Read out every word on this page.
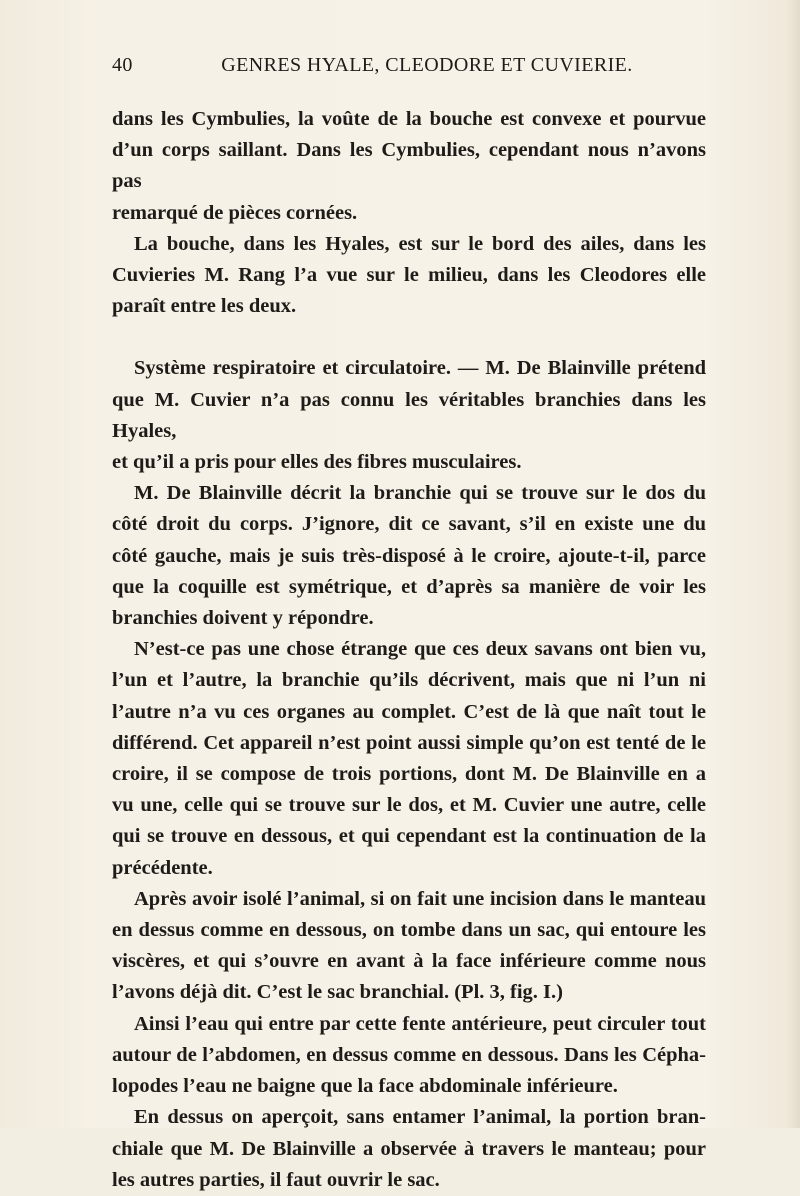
40	GENRES HYALE, CLEODORE ET CUVIERIE.

dans les Cymbulies, la voûte de la bouche est convexe et pourvue

d’un corps saillant. Dans les Cymbulies, cependant nous n’avons pas

remarqué de pièces cornées.

La bouche, dans les Hyales, est sur le bord des ailes, dans les

Cuvieries M. Rang l’a vue sur le milieu, dans les Cleodores elle

paraît entre les deux.

Système respiratoire et circulatoire. — M. De Blainville prétend

que M. Cuvier n’a pas connu les véritables branchies dans les Hyales,

et qu’il a pris pour elles des fibres musculaires.

M. De Blainville décrit la branchie qui se trouve sur le dos du

côté droit du corps. J’ignore, dit ce savant, s’il en existe une du

côté gauche, mais je suis très-disposé à le croire, ajoute-t-il, parce

que la coquille est symétrique, et d’après sa manière de voir les

branchies doivent y répondre.

N’est-ce pas une chose étrange que ces deux savans ont bien vu,

l’un et l’autre, la branchie qu’ils décrivent, mais que ni l’un ni

l’autre n’a vu ces organes au complet. C’est de là que naît tout le

différend. Cet appareil n’est point aussi simple qu’on est tenté de le

croire, il se compose de trois portions, dont M. De Blainville en a

vu une, celle qui se trouve sur le dos, et M. Cuvier une autre, celle

qui se trouve en dessous, et qui cependant est la continuation de la

précédente.

Après avoir isolé l’animal, si on fait une incision dans le manteau

en dessus comme en dessous, on tombe dans un sac, qui entoure les

viscères, et qui s’ouvre en avant à la face inférieure comme nous

l’avons déjà dit. C’est le sac branchial. (Pl. 3, fig. I.)

Ainsi l’eau qui entre par cette fente antérieure, peut circuler tout

autour de l’abdomen, en dessus comme en dessous. Dans les Cépha-

lopodes l’eau ne baigne que la face abdominale inférieure.

En dessus on aperçoit, sans entamer l’animal, la portion bran-

chiale que M. De Blainville a observée à travers le manteau; pour

les autres parties, il faut ouvrir le sac.
